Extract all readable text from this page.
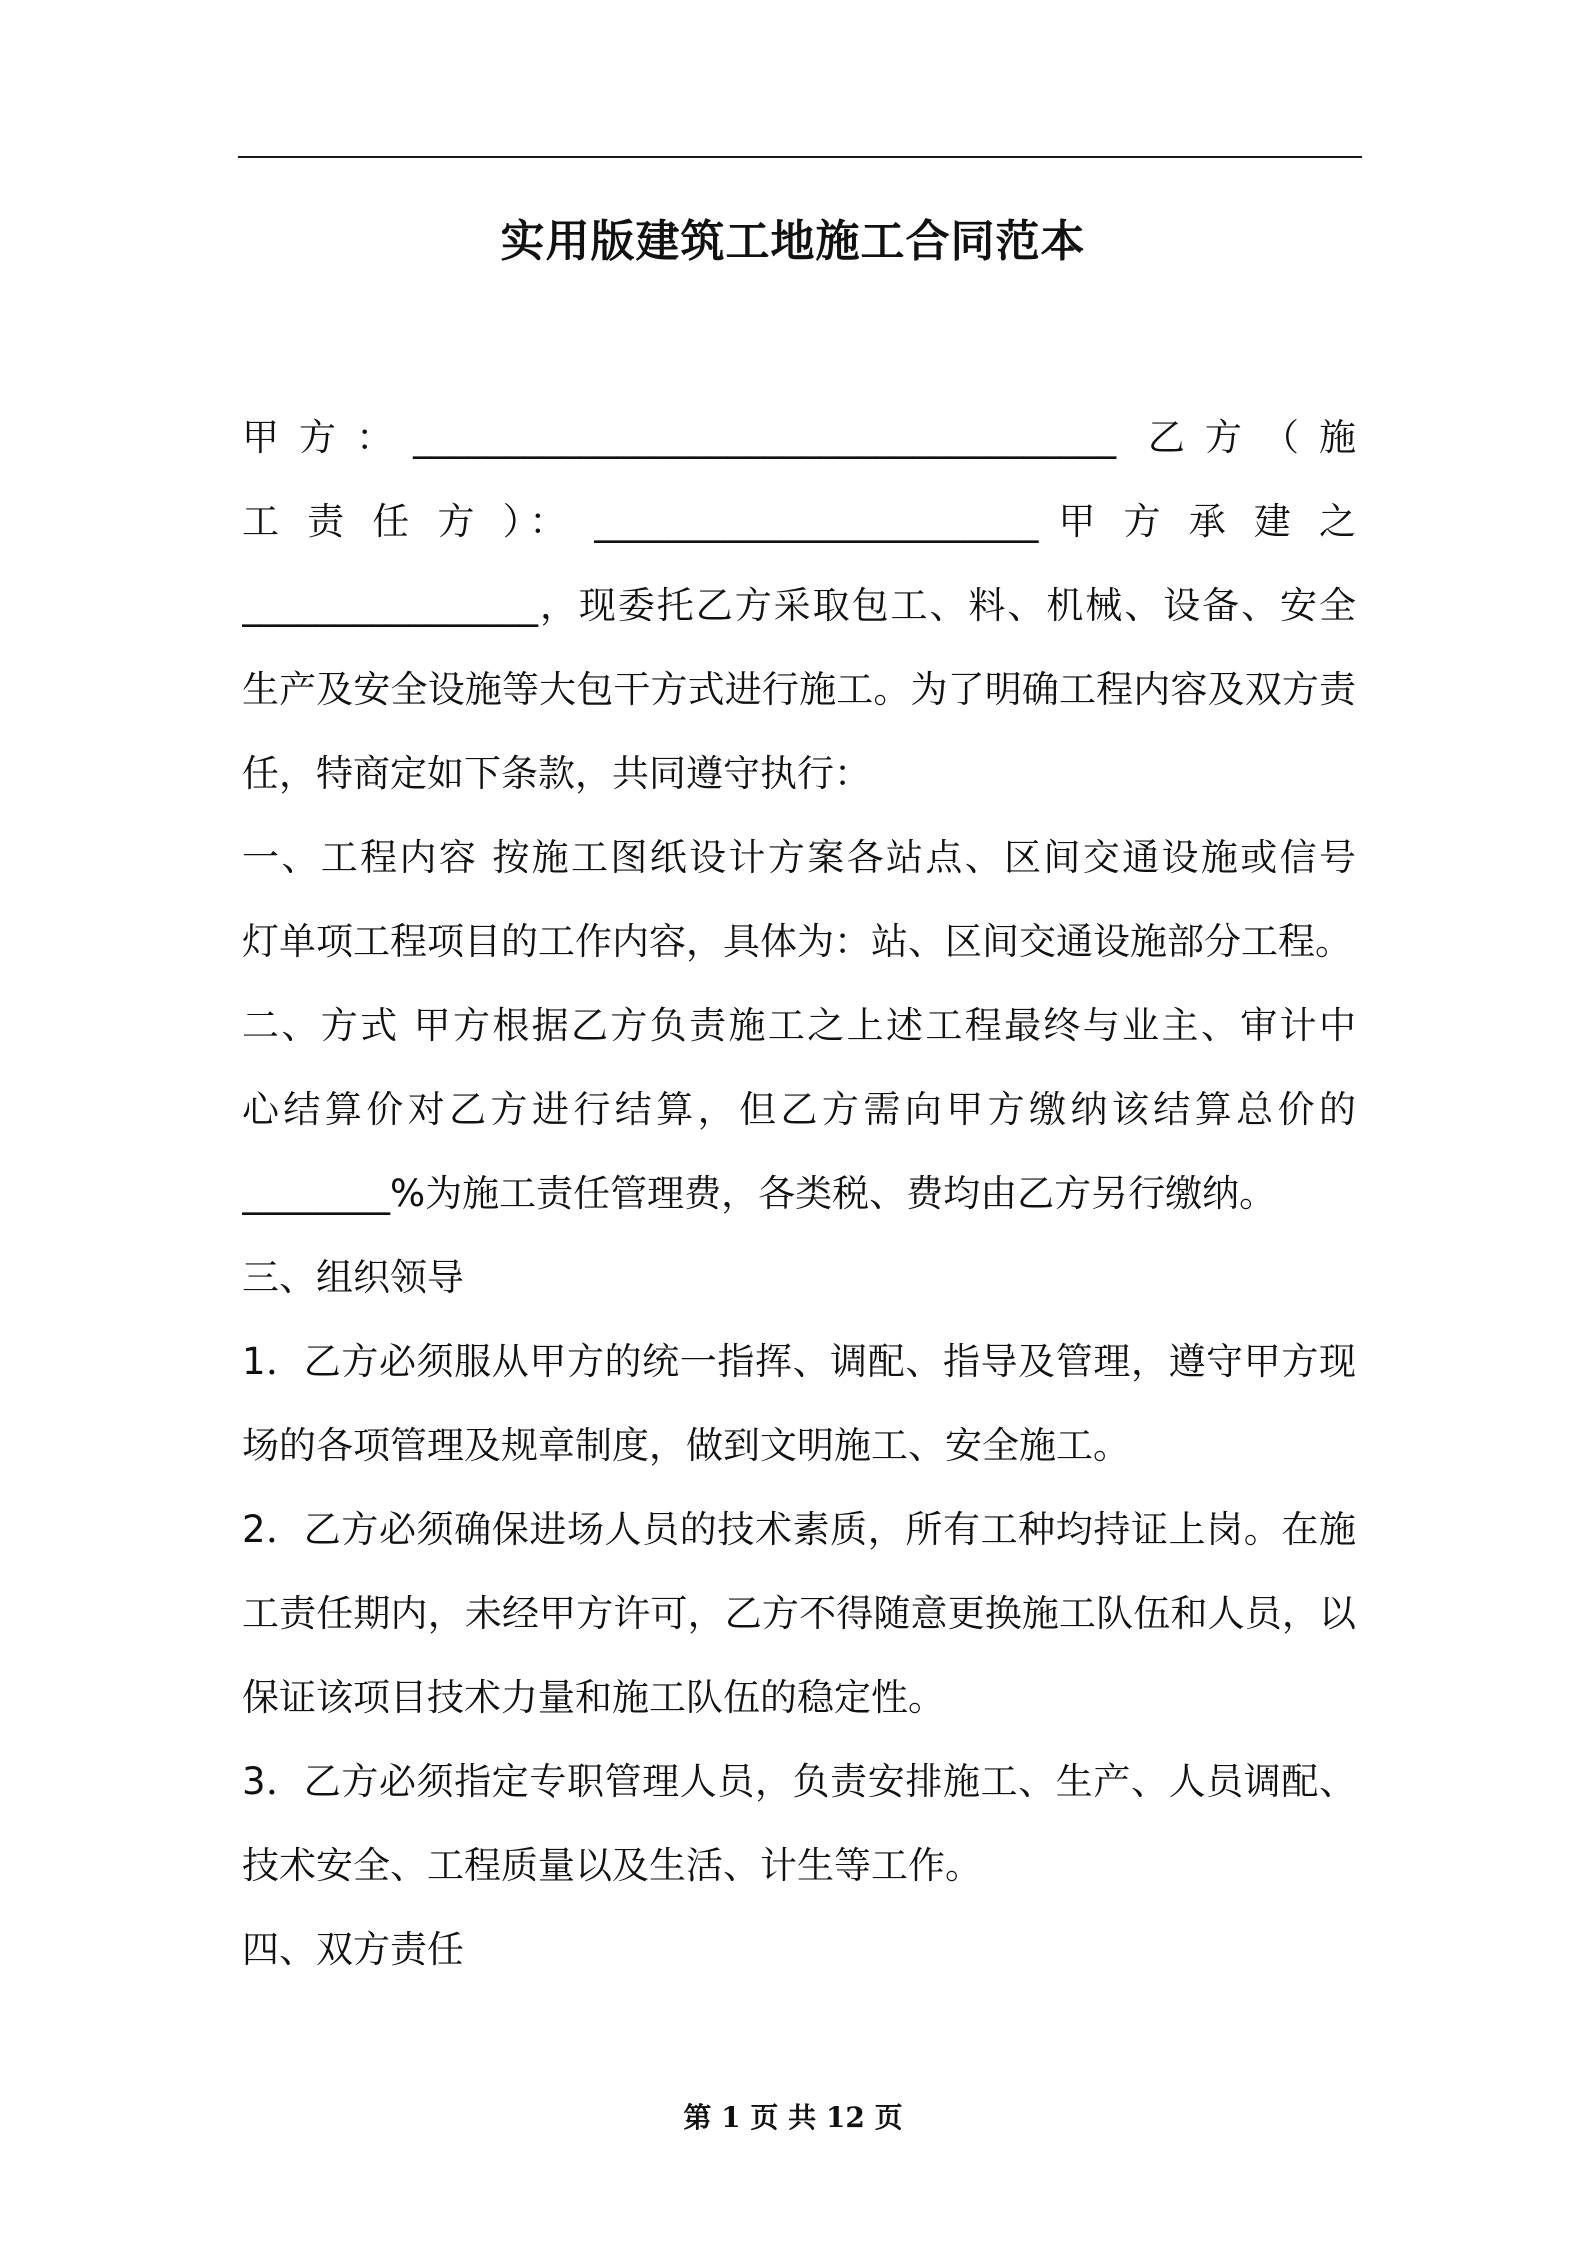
实用版建筑工地施工合同范本
甲方：______________________________________ 乙方（施
工 责 任 方 ）： ________________________ 甲 方 承 建 之
________________，现委托乙方采取包工、料、机械、设备、安全
生产及安全设施等大包干方式进行施工。为了明确工程内容及双方责
任，特商定如下条款，共同遵守执行：
一、工程内容 按施工图纸设计方案各站点、区间交通设施或信号
灯单项工程项目的工作内容，具体为：站、区间交通设施部分工程。
二、方式 甲方根据乙方负责施工之上述工程最终与业主、审计中
心结算价对乙方进行结算，但乙方需向甲方缴纳该结算总价的
________%为施工责任管理费，各类税、费均由乙方另行缴纳。
三、组织领导
1．乙方必须服从甲方的统一指挥、调配、指导及管理，遵守甲方现
场的各项管理及规章制度，做到文明施工、安全施工。
2．乙方必须确保进场人员的技术素质，所有工种均持证上岗。在施
工责任期内，未经甲方许可，乙方不得随意更换施工队伍和人员，以
保证该项目技术力量和施工队伍的稳定性。
3．乙方必须指定专职管理人员，负责安排施工、生产、人员调配、
技术安全、工程质量以及生活、计生等工作。
四、双方责任
第 1 页 共 12 页
